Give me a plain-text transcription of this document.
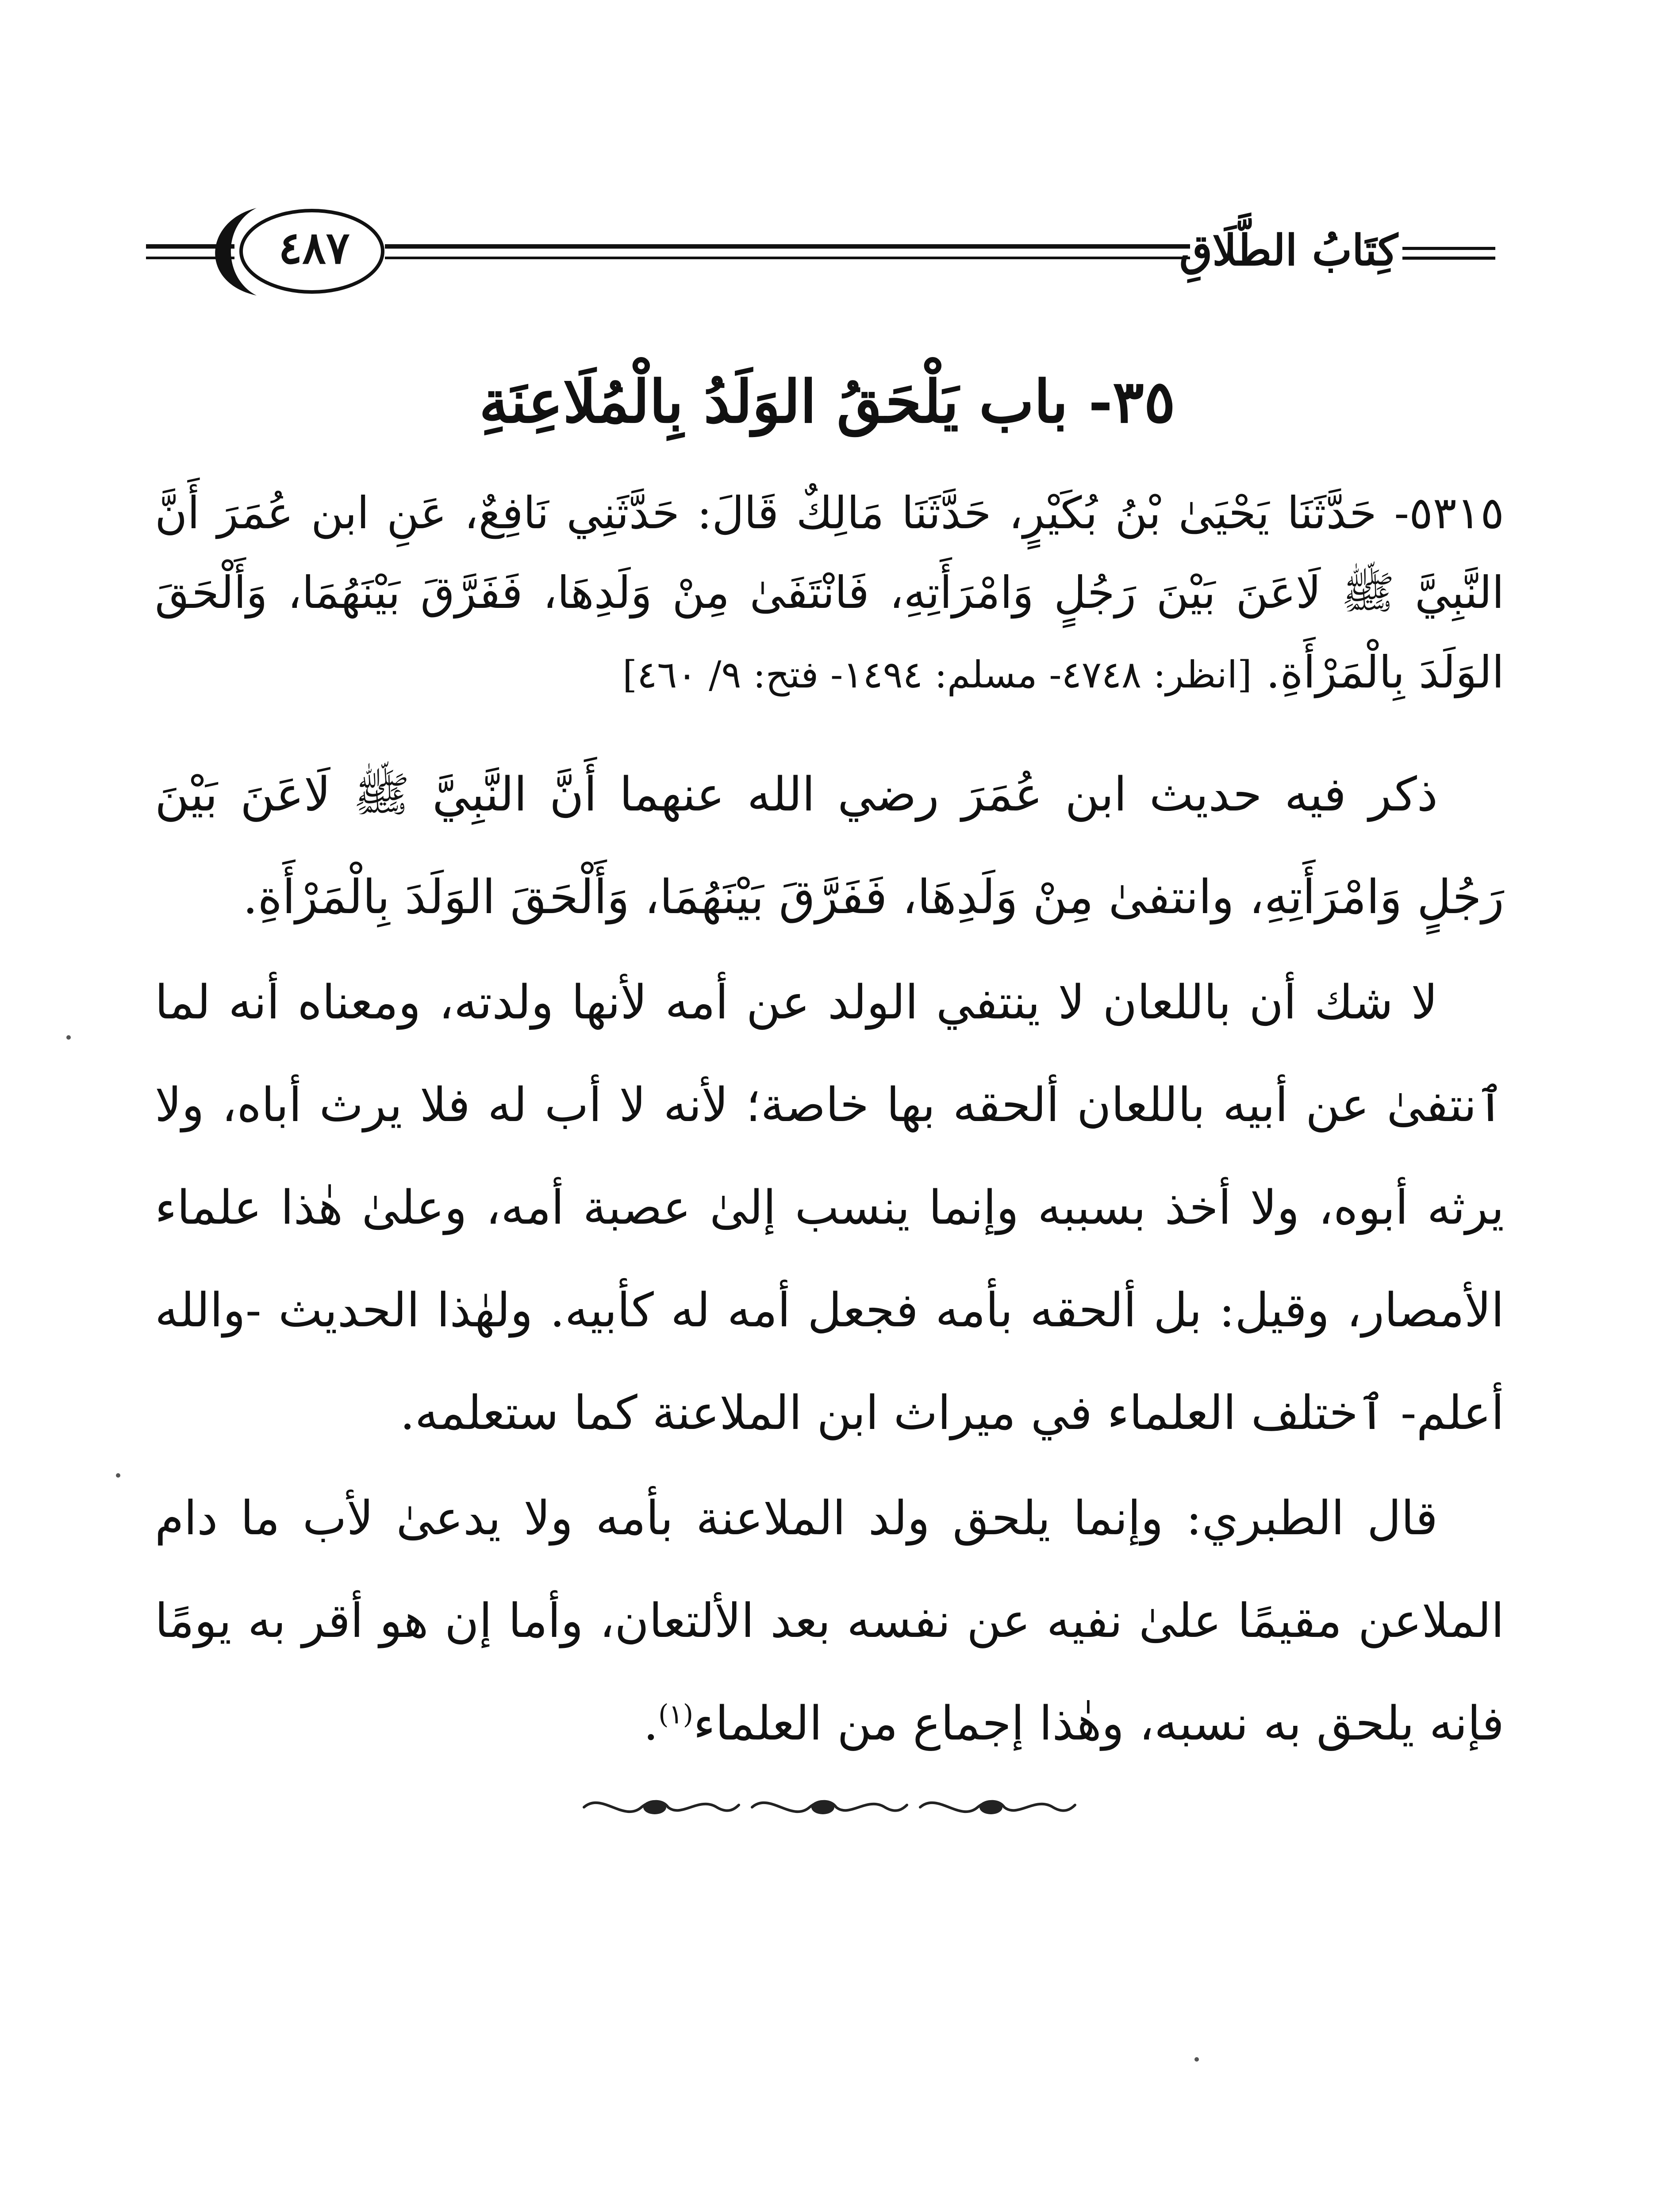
كِتَابُ الطَّلَاقِ
٤٨٧
٣٥- باب يَلْحَقُ الوَلَدُ بِالْمُلَاعِنَةِ
٥٣١٥- حَدَّثَنَا يَحْيَىٰ بْنُ بُكَيْرٍ، حَدَّثَنَا مَالِكٌ قَالَ: حَدَّثَنِي نَافِعٌ، عَنِ ابن عُمَرَ أَنَّ النَّبِيَّ ﷺ لَاعَنَ بَيْنَ رَجُلٍ وَامْرَأَتِهِ، فَانْتَفَىٰ مِنْ وَلَدِهَا، فَفَرَّقَ بَيْنَهُمَا، وَأَلْحَقَ الوَلَدَ بِالْمَرْأَةِ. [انظر: ٤٧٤٨- مسلم: ١٤٩٤- فتح: ٩/ ٤٦٠]

ذكر فيه حديث ابن عُمَرَ رضي الله عنهما أَنَّ النَّبِيَّ ﷺ لَاعَنَ بَيْنَ رَجُلٍ وَامْرَأَتِهِ، وانتفىٰ مِنْ وَلَدِهَا، فَفَرَّقَ بَيْنَهُمَا، وَأَلْحَقَ الوَلَدَ بِالْمَرْأَةِ.

لا شك أن باللعان لا ينتفي الولد عن أمه لأنها ولدته، ومعناه أنه لما ٱنتفىٰ عن أبيه باللعان ألحقه بها خاصة؛ لأنه لا أب له فلا يرث أباه، ولا يرثه أبوه، ولا أخذ بسببه وإنما ينسب إلىٰ عصبة أمه، وعلىٰ هٰذا علماء الأمصار، وقيل: بل ألحقه بأمه فجعل أمه له كأبيه. ولهٰذا الحديث -والله أعلم- ٱختلف العلماء في ميراث ابن الملاعنة كما ستعلمه.

قال الطبري: وإنما يلحق ولد الملاعنة بأمه ولا يدعىٰ لأب ما دام الملاعن مقيمًا علىٰ نفيه عن نفسه بعد الألتعان، وأما إن هو أقر به يومًا فإنه يلحق به نسبه، وهٰذا إجماع من العلماء$^{(١)}$.
